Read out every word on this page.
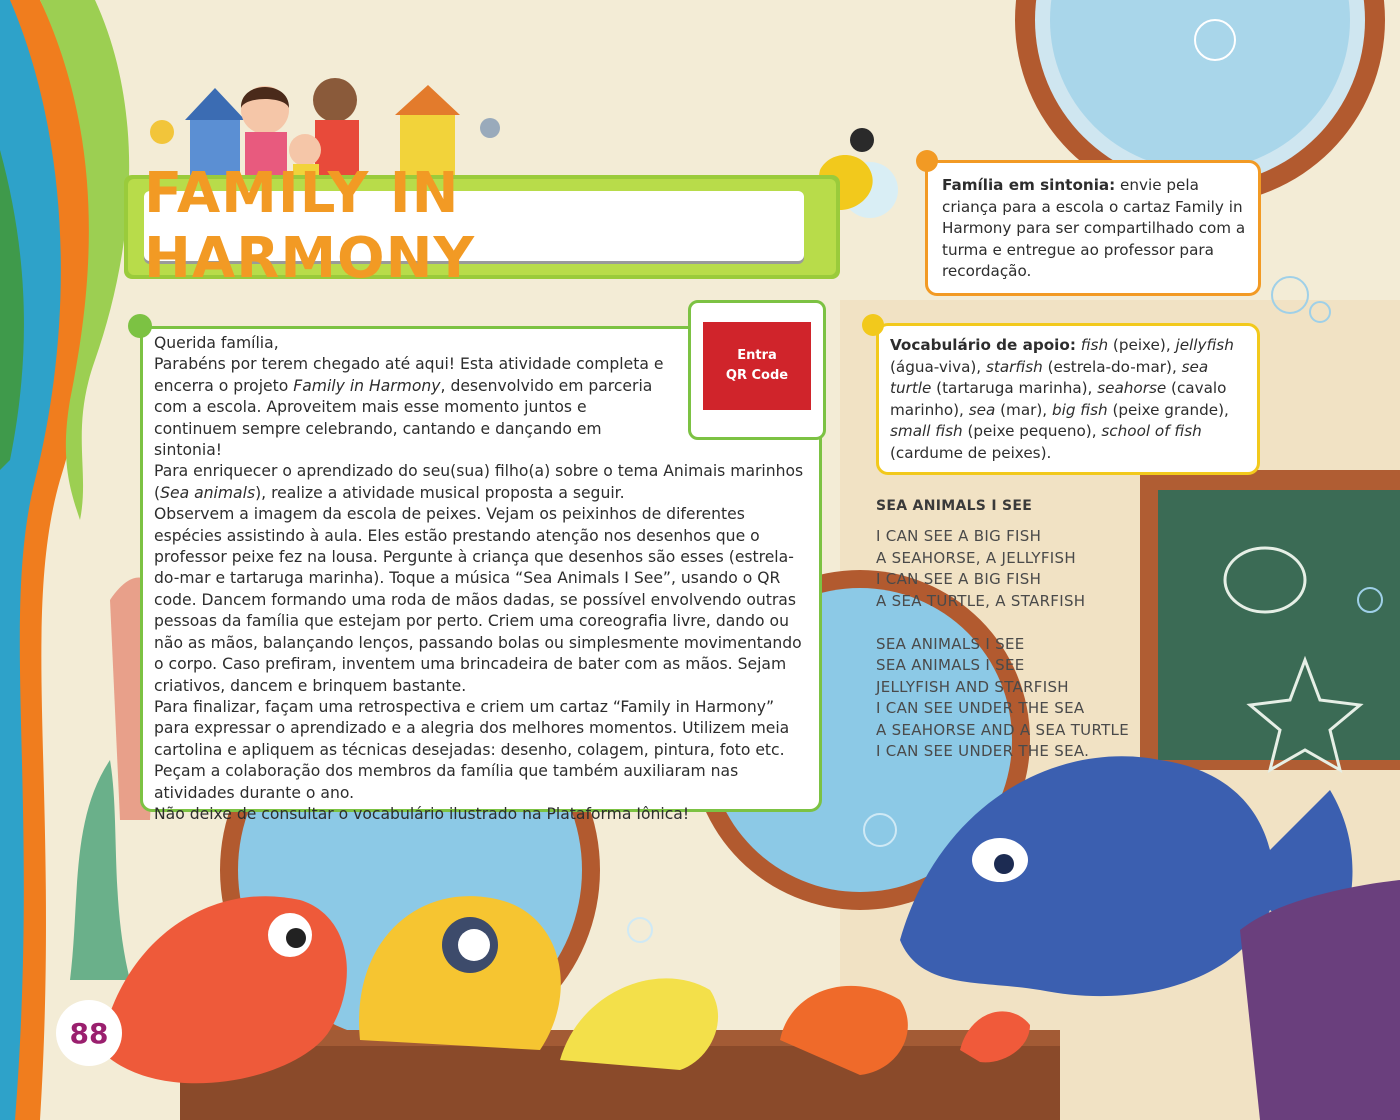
FAMILY IN HARMONY
Entra
QR Code

Querida família,

Parabéns por terem chegado até aqui! Esta atividade completa e encerra o projeto Family in Harmony, desenvolvido em parceria com a escola. Aproveitem mais esse momento juntos e continuem sempre celebrando, cantando e dançando em sintonia!

Para enriquecer o aprendizado do seu(sua) filho(a) sobre o tema Animais marinhos (Sea animals), realize a atividade musical proposta a seguir.

Observem a imagem da escola de peixes. Vejam os peixinhos de diferentes espécies assistindo à aula. Eles estão prestando atenção nos desenhos que o professor peixe fez na lousa. Pergunte à criança que desenhos são esses (estrela-do-mar e tartaruga marinha). Toque a música “Sea Animals I See”, usando o QR code. Dancem formando uma roda de mãos dadas, se possível envolvendo outras pessoas da família que estejam por perto. Criem uma coreografia livre, dando ou não as mãos, balançando lenços, passando bolas ou simplesmente movimentando o corpo. Caso prefiram, inventem uma brincadeira de bater com as mãos. Sejam criativos, dancem e brinquem bastante.

Para finalizar, façam uma retrospectiva e criem um cartaz “Family in Harmony” para expressar o aprendizado e a alegria dos melhores momentos. Utilizem meia cartolina e apliquem as técnicas desejadas: desenho, colagem, pintura, foto etc. Peçam a colaboração dos membros da família que também auxiliaram nas atividades durante o ano.

Não deixe de consultar o vocabulário ilustrado na Plataforma Iônica!

Família em sintonia: envie pela criança para a escola o cartaz Family in Harmony para ser compartilhado com a turma e entregue ao professor para recordação.
Vocabulário de apoio: fish (peixe), jellyfish (água-viva), starfish (estrela-do-mar), sea turtle (tartaruga marinha), seahorse (cavalo marinho), sea (mar), big fish (peixe grande), small fish (peixe pequeno), school of fish (cardume de peixes).
SEA ANIMALS I SEE
I CAN SEE A BIG FISH
A SEAHORSE, A JELLYFISH
I CAN SEE A BIG FISH
A SEA TURTLE, A STARFISH
SEA ANIMALS I SEE
SEA ANIMALS I SEE
JELLYFISH AND STARFISH
I CAN SEE UNDER THE SEA
A SEAHORSE AND A SEA TURTLE
I CAN SEE UNDER THE SEA.
88
